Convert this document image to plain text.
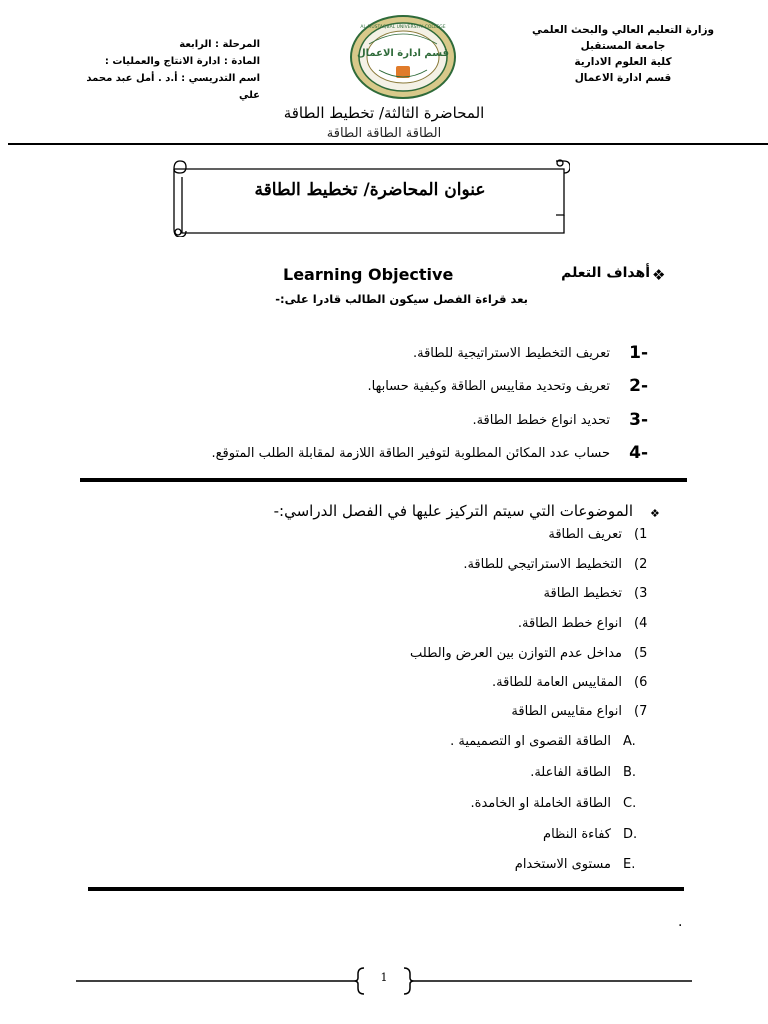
وزارة التعليم العالي والبحث العلمي
جامعة المستقبل
كلية العلوم الادارية
قسم ادارة الاعمال
المرحلة : الرابعة
المادة : ادارة الانتاج والعمليات :
اسم التدريسي : أ.د . أمل عبد محمد علي
قسم ادارة الاعمال
AL-MUSTAQBAL UNIVERSITY COLLEGE
المحاضرة الثالثة/ تخطيط الطاقة
الطاقة الطاقة الطاقة
عنوان المحاضرة/ تخطيط الطاقة
❖
أهداف التعلم
Learning Objective
بعد قراءة الفصل سيكون الطالب قادرا على:-
-1
تعريف التخطيط الاستراتيجية للطاقة.
-2
تعريف وتحديد مقاييس الطاقة وكيفية حسابها.
-3
تحديد انواع خطط الطاقة.
-4
حساب عدد المكائن المطلوبة لتوفير الطاقة اللازمة لمقابلة الطلب المتوقع.
❖
الموضوعات التي سيتم التركيز عليها في الفصل الدراسي:-
(1
تعريف الطاقة
(2
التخطيط الاستراتيجي للطاقة.
(3
تخطيط الطاقة
(4
انواع خطط الطاقة.
(5
مداخل عدم التوازن بين العرض والطلب
(6
المقاييس العامة للطاقة.
(7
انواع مقاييس الطاقة
A.
الطاقة القصوى او التصميمية .
B.
الطاقة الفاعلة.
C.
الطاقة الخاملة او الخامدة.
D.
كفاءة النظام
E.
مستوى الاستخدام
.
1
